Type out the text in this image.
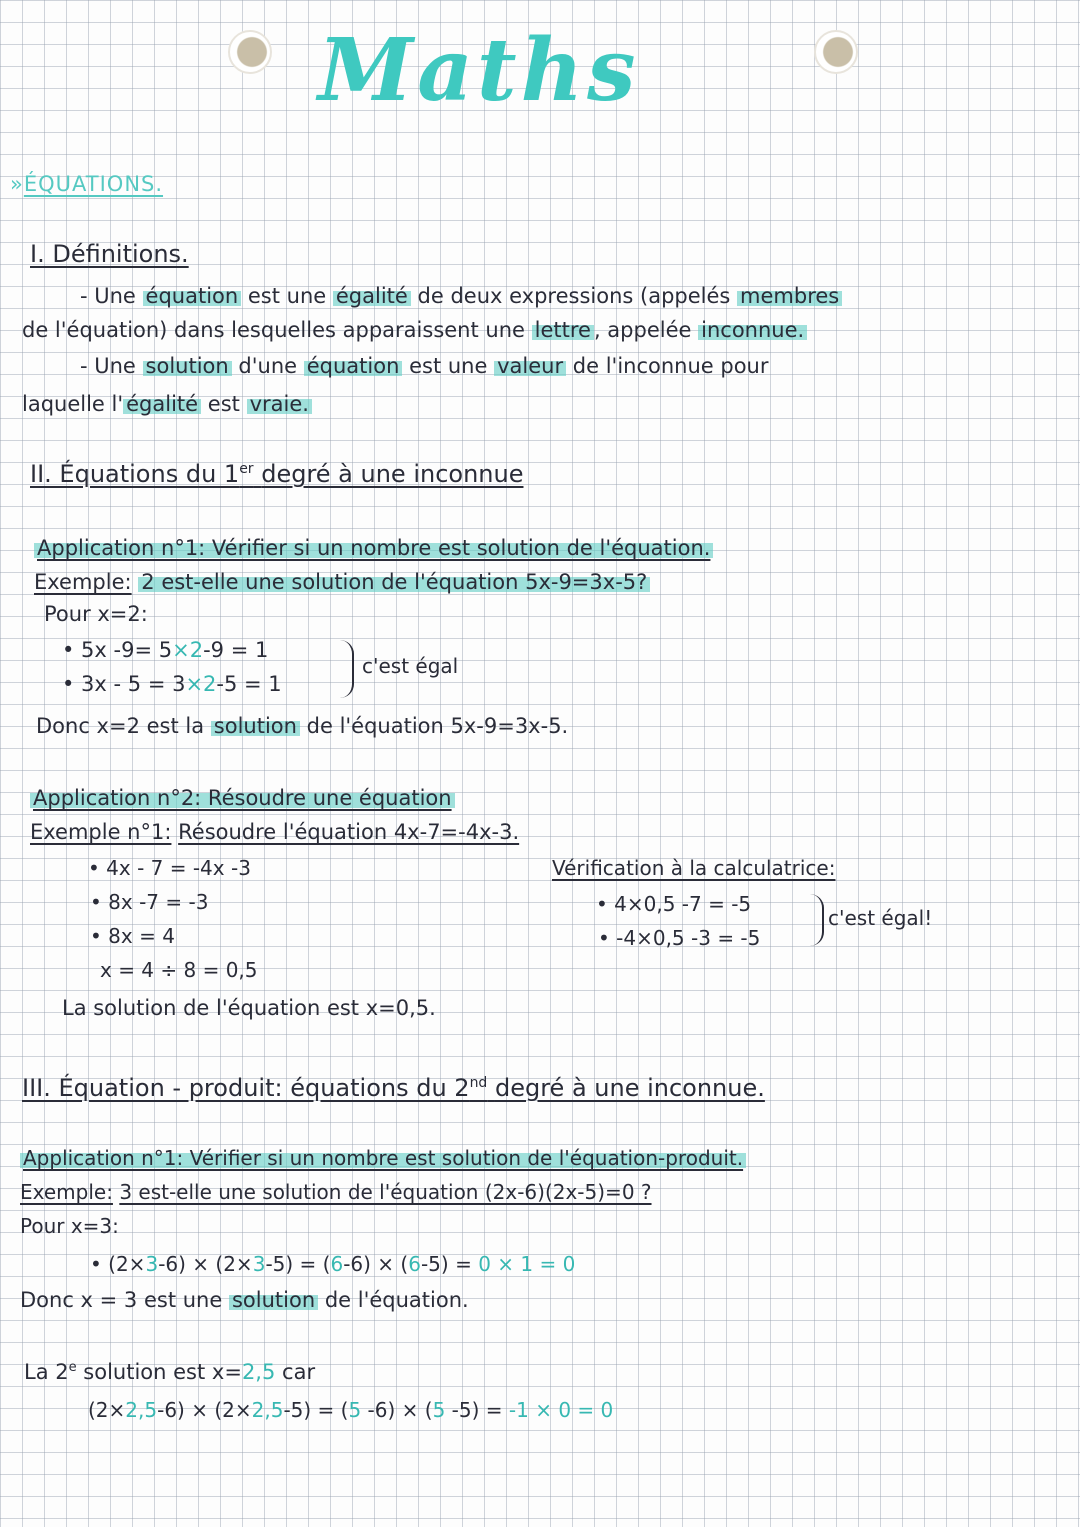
Maths
»ÉQUATIONS.
I. Définitions.
- Une équation est une égalité de deux expressions (appelés membres
de l'équation) dans lesquelles apparaissent une lettre , appelée inconnue.
- Une solution d'une équation est une valeur de l'inconnue pour
laquelle l' égalité est vraie.
II. Équations du 1er degré à une inconnue
Application n°1: Vérifier si un nombre est solution de l'équation.
Exemple: 2 est-elle une solution de l'équation 5x-9=3x-5?
Pour x=2:
• 5x -9= 5×2-9 = 1
• 3x - 5 = 3×2-5 = 1
c'est égal
Donc x=2 est la solution de l'équation 5x-9=3x-5.
Application n°2: Résoudre une équation
Exemple n°1: Résoudre l'équation 4x-7=-4x-3.
• 4x - 7 = -4x -3
• 8x -7 = -3
• 8x = 4
x = 4 ÷ 8 = 0,5
La solution de l'équation est x=0,5.
Vérification à la calculatrice:
• 4×0,5 -7 = -5
• -4×0,5 -3 = -5
c'est égal!
III. Équation - produit: équations du 2nd degré à une inconnue.
Application n°1: Vérifier si un nombre est solution de l'équation-produit.
Exemple: 3 est-elle une solution de l'équation (2x-6)(2x-5)=0 ?
Pour x=3:
• (2×3-6) × (2×3-5) = (6-6) × (6-5) = 0 × 1 = 0
Donc x = 3 est une solution de l'équation.
La 2e solution est x=2,5 car
(2×2,5-6) × (2×2,5-5) = (5 -6) × (5 -5) = -1 × 0 = 0
